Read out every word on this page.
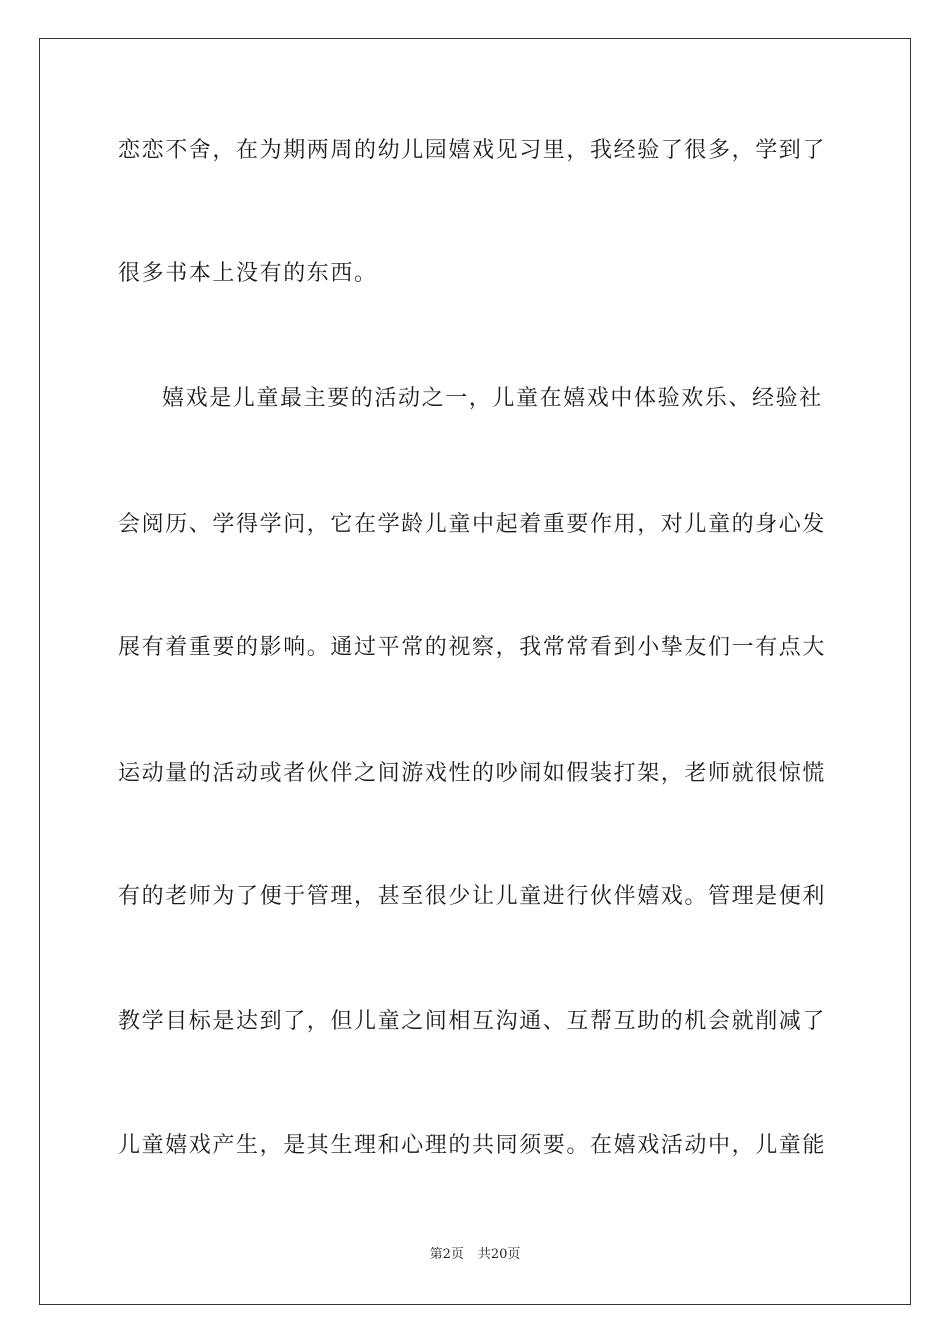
恋恋不舍，在为期两周的幼儿园嬉戏见习里，我经验了很多，学到了
很多书本上没有的东西。
嬉戏是儿童最主要的活动之一，儿童在嬉戏中体验欢乐、经验社
会阅历、学得学问，它在学龄儿童中起着重要作用，对儿童的身心发
展有着重要的影响。通过平常的视察，我常常看到小挚友们一有点大
运动量的活动或者伙伴之间游戏性的吵闹如假装打架，老师就很惊慌
有的老师为了便于管理，甚至很少让儿童进行伙伴嬉戏。管理是便利
教学目标是达到了，但儿童之间相互沟通、互帮互助的机会就削减了
儿童嬉戏产生，是其生理和心理的共同须要。在嬉戏活动中，儿童能
第2页 共20页
